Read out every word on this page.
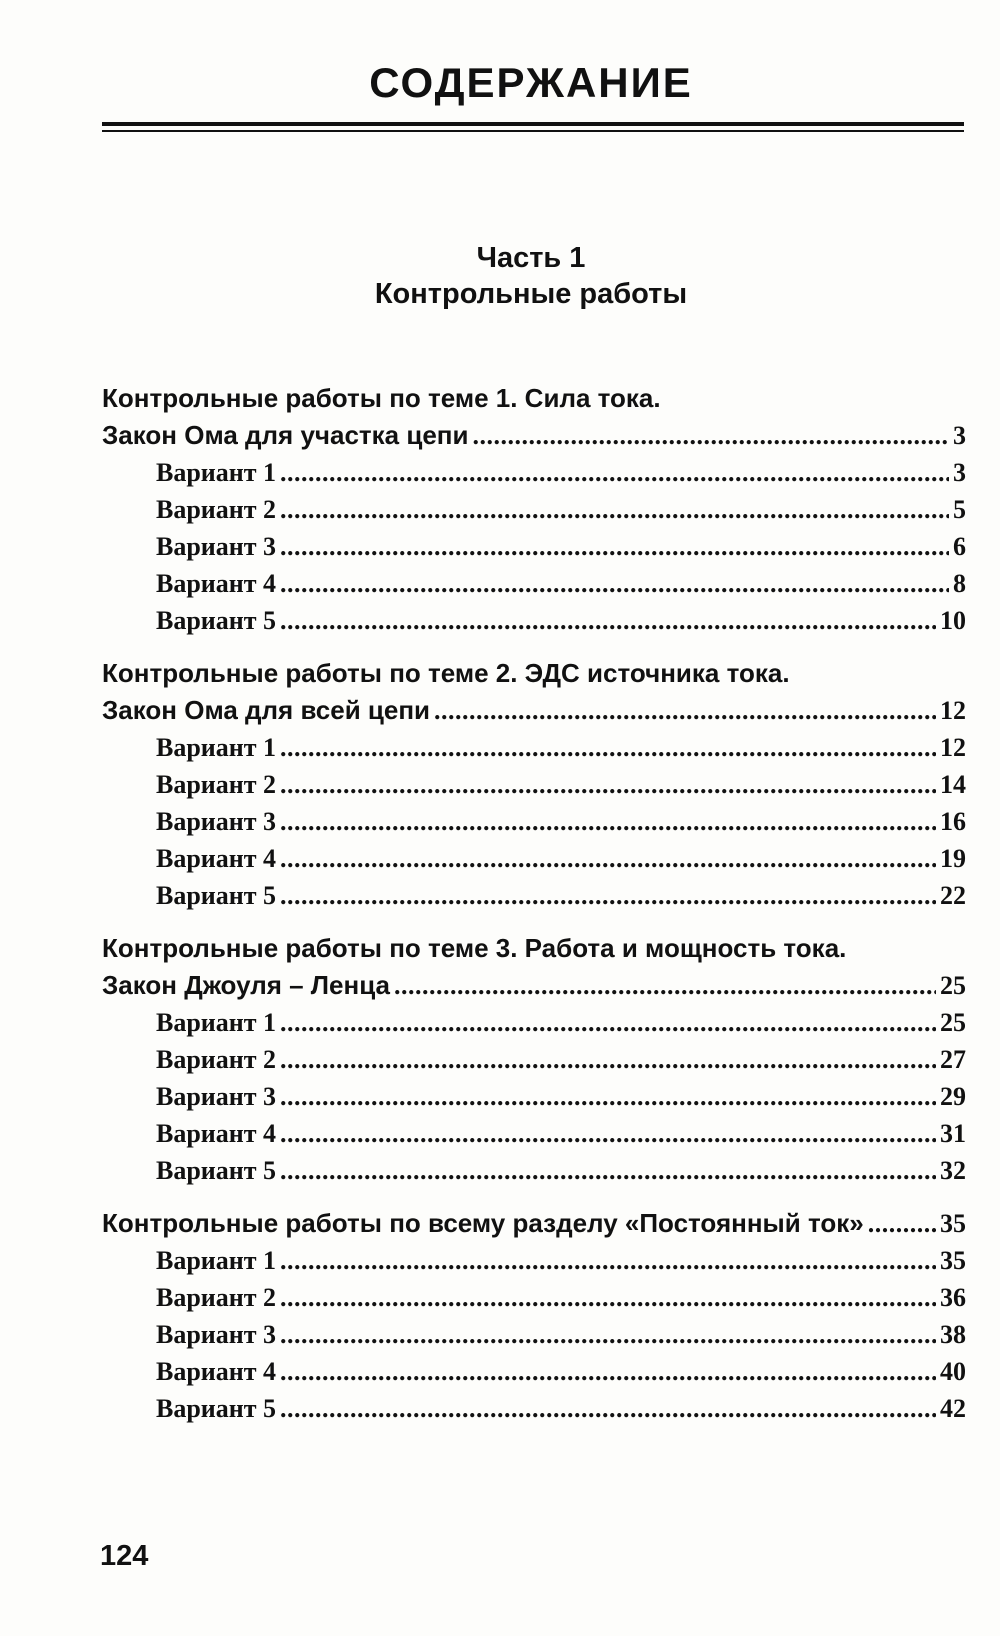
СОДЕРЖАНИЕ
Часть 1
Контрольные работы
Контрольные работы по теме 1. Сила тока.
Закон Ома для участка цепи . . .	3
Вариант 1 . . .	3
Вариант 2 . . .	5
Вариант 3 . . .	6
Вариант 4 . . .	8
Вариант 5 . . .	10
Контрольные работы по теме 2. ЭДС источника тока.
Закон Ома для всей цепи . . .	12
Вариант 1 . . .	12
Вариант 2 . . .	14
Вариант 3 . . .	16
Вариант 4 . . .	19
Вариант 5 . . .	22
Контрольные работы по теме 3. Работа и мощность тока.
Закон Джоуля – Ленца . . .	25
Вариант 1 . . .	25
Вариант 2 . . .	27
Вариант 3 . . .	29
Вариант 4 . . .	31
Вариант 5 . . .	32
Контрольные работы по всему разделу «Постоянный ток» . . .	35
Вариант 1 . . .	35
Вариант 2 . . .	36
Вариант 3 . . .	38
Вариант 4 . . .	40
Вариант 5 . . .	42
124
